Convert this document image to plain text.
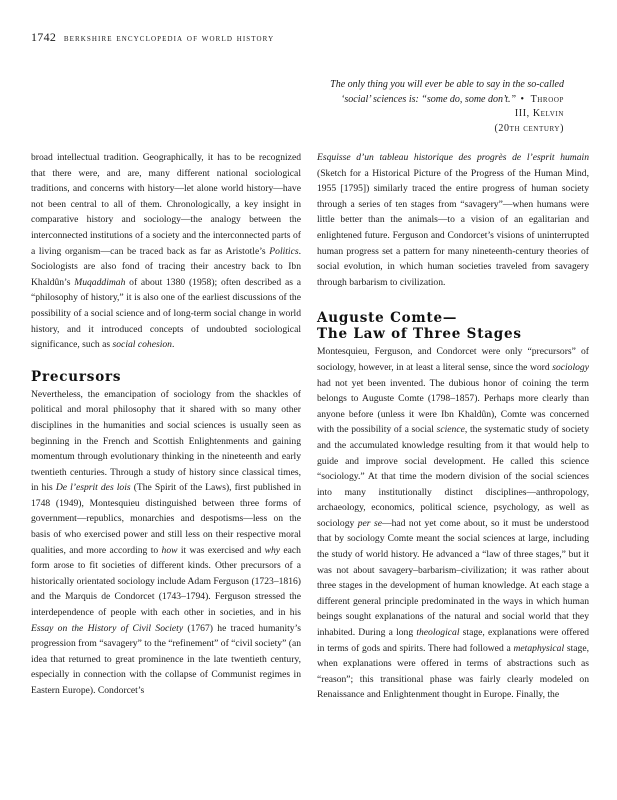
1742 berkshire encyclopedia of world history
The only thing you will ever be able to say in the so-called ‘social’ sciences is: “some do, some don’t.” • Throop III, Kelvin
(20th century)

broad intellectual tradition. Geographically, it has to be recognized that there were, and are, many different national sociological traditions, and concerns with history—let alone world history—have not been central to all of them. Chronologically, a key insight in comparative history and sociology—the analogy between the interconnected institutions of a society and the interconnected parts of a living organism—can be traced back as far as Aristotle’s Politics. Sociologists are also fond of tracing their ancestry back to Ibn Khaldûn’s Muqaddimah of about 1380 (1958); often described as a “philosophy of history,” it is also one of the earliest discussions of the possibility of a social science and of long-term social change in world history, and it introduced concepts of undoubted sociological significance, such as social cohesion.

Precursors

Nevertheless, the emancipation of sociology from the shackles of political and moral philosophy that it shared with so many other disciplines in the humanities and social sciences is usually seen as beginning in the French and Scottish Enlightenments and gaining momentum through evolutionary thinking in the nineteenth and early twentieth centuries. Through a study of history since classical times, in his De l’esprit des lois (The Spirit of the Laws), first published in 1748 (1949), Montesquieu distinguished between three forms of government—republics, monarchies and despotisms—less on the basis of who exercised power and still less on their respective moral qualities, and more according to how it was exercised and why each form arose to fit societies of different kinds. Other precursors of a historically orientated sociology include Adam Ferguson (1723–1816) and the Marquis de Condorcet (1743–1794). Ferguson stressed the interdependence of people with each other in societies, and in his Essay on the History of Civil Society (1767) he traced humanity’s progression from “savagery” to the “refinement” of “civil society” (an idea that returned to great prominence in the late twentieth century, especially in connection with the collapse of Communist regimes in Eastern Europe). Condorcet’s

Esquisse d’un tableau historique des progrès de l’esprit humain (Sketch for a Historical Picture of the Progress of the Human Mind, 1955 [1795]) similarly traced the entire progress of human society through a series of ten stages from “savagery”—when humans were little better than the animals—to a vision of an egalitarian and enlightened future. Ferguson and Condorcet’s visions of uninterrupted human progress set a pattern for many nineteenth-century theories of social evolution, in which human societies traveled from savagery through barbarism to civilization.

Auguste Comte—
The Law of Three Stages

Montesquieu, Ferguson, and Condorcet were only “precursors” of sociology, however, in at least a literal sense, since the word sociology had not yet been invented. The dubious honor of coining the term belongs to Auguste Comte (1798–1857). Perhaps more clearly than anyone before (unless it were Ibn Khaldûn), Comte was concerned with the possibility of a social science, the systematic study of society and the accumulated knowledge resulting from it that would help to guide and improve social development. He called this science “sociology.” At that time the modern division of the social sciences into many institutionally distinct disciplines—anthropology, archaeology, economics, political science, psychology, as well as sociology per se—had not yet come about, so it must be understood that by sociology Comte meant the social sciences at large, including the study of world history. He advanced a “law of three stages,” but it was not about savagery–barbarism–civilization; it was rather about three stages in the development of human knowledge. At each stage a different general principle predominated in the ways in which human beings sought explanations of the natural and social world that they inhabited. During a long theological stage, explanations were offered in terms of gods and spirits. There had followed a metaphysical stage, when explanations were offered in terms of abstractions such as “reason”; this transitional phase was fairly clearly modeled on Renaissance and Enlightenment thought in Europe. Finally, the
